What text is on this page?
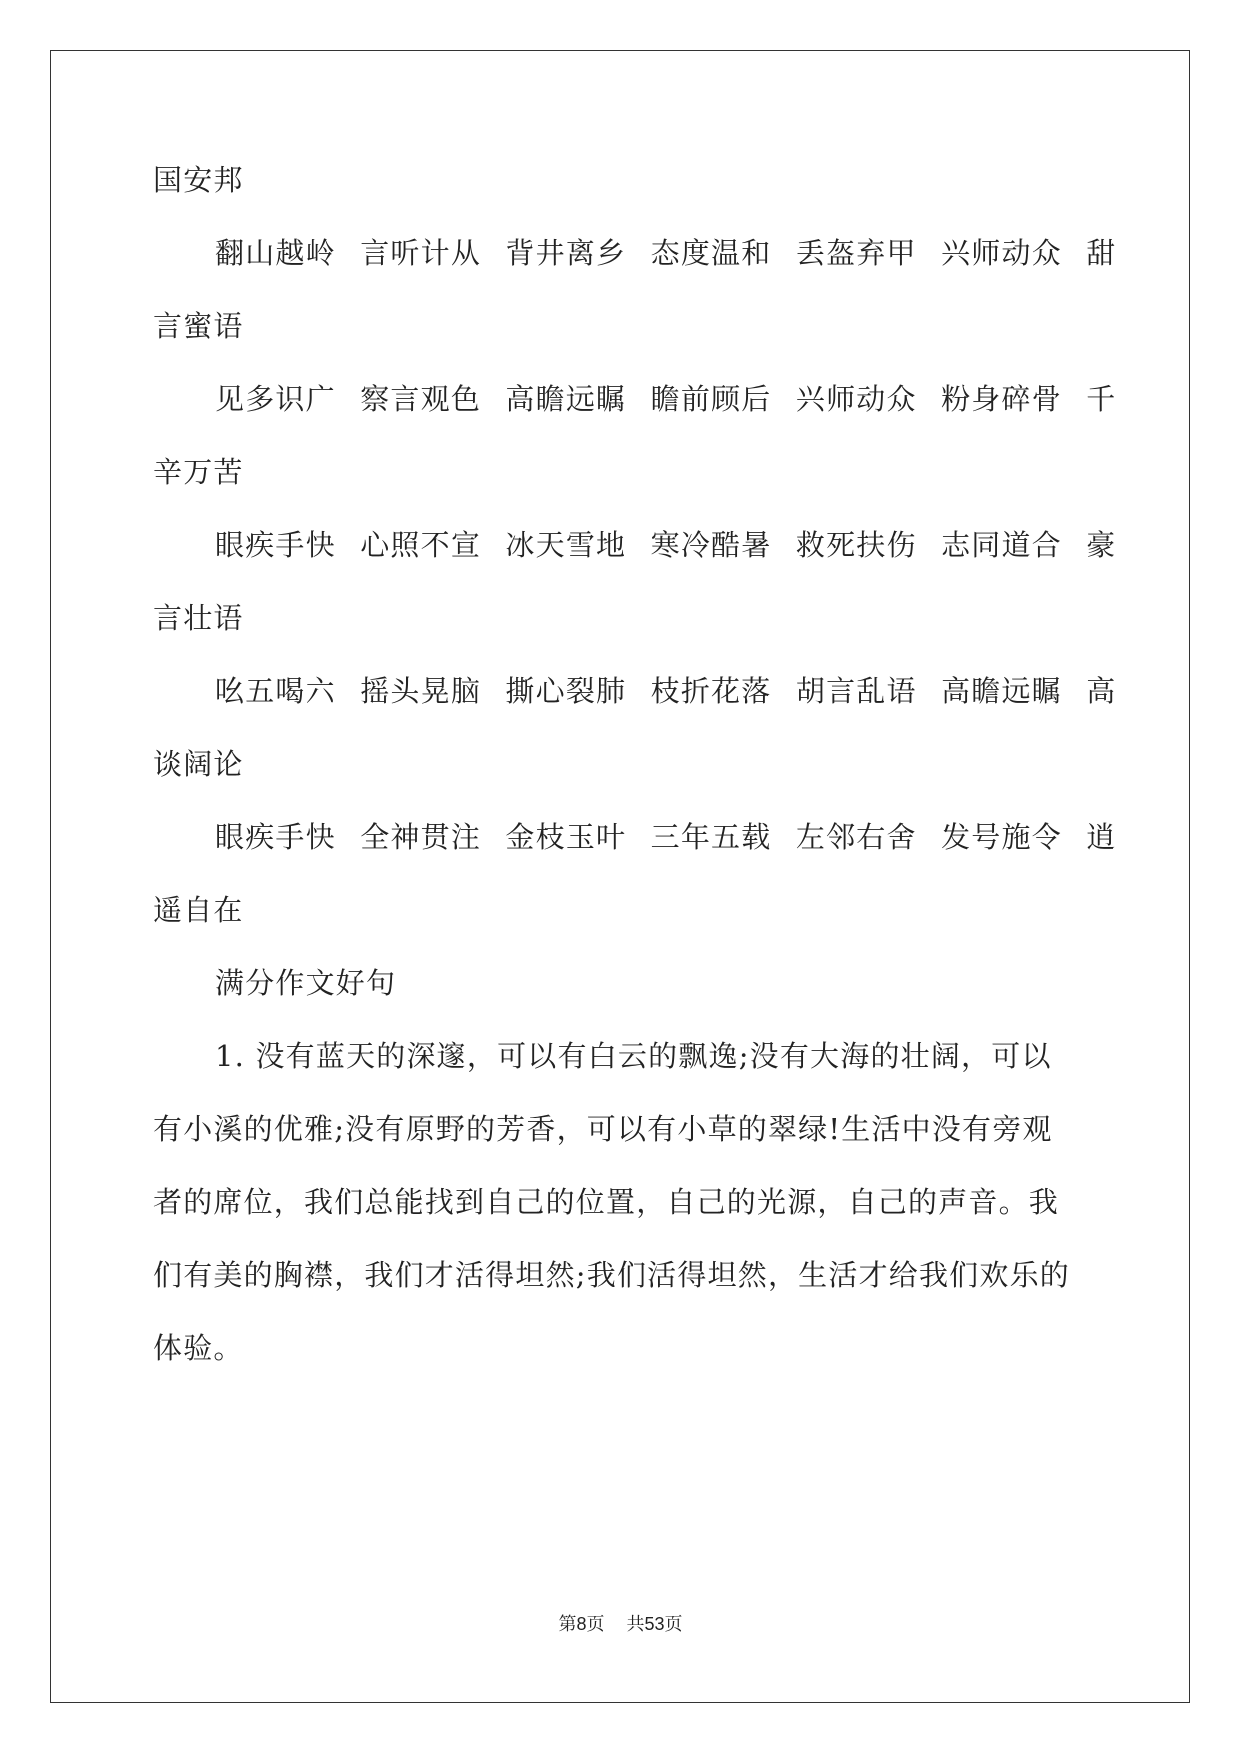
国安邦
翻山越岭 言听计从 背井离乡 态度温和 丢盔弃甲 兴师动众 甜
言蜜语
见多识广 察言观色 高瞻远瞩 瞻前顾后 兴师动众 粉身碎骨 千
辛万苦
眼疾手快 心照不宣 冰天雪地 寒冷酷暑 救死扶伤 志同道合 豪
言壮语
吆五喝六 摇头晃脑 撕心裂肺 枝折花落 胡言乱语 高瞻远瞩 高
谈阔论
眼疾手快 全神贯注 金枝玉叶 三年五载 左邻右舍 发号施令 逍
遥自在
满分作文好句
1. 没有蓝天的深邃，可以有白云的飘逸;没有大海的壮阔，可以
有小溪的优雅;没有原野的芳香，可以有小草的翠绿!生活中没有旁观
者的席位，我们总能找到自己的位置，自己的光源，自己的声音。我
们有美的胸襟，我们才活得坦然;我们活得坦然，生活才给我们欢乐的
体验。
第8页 共53页
